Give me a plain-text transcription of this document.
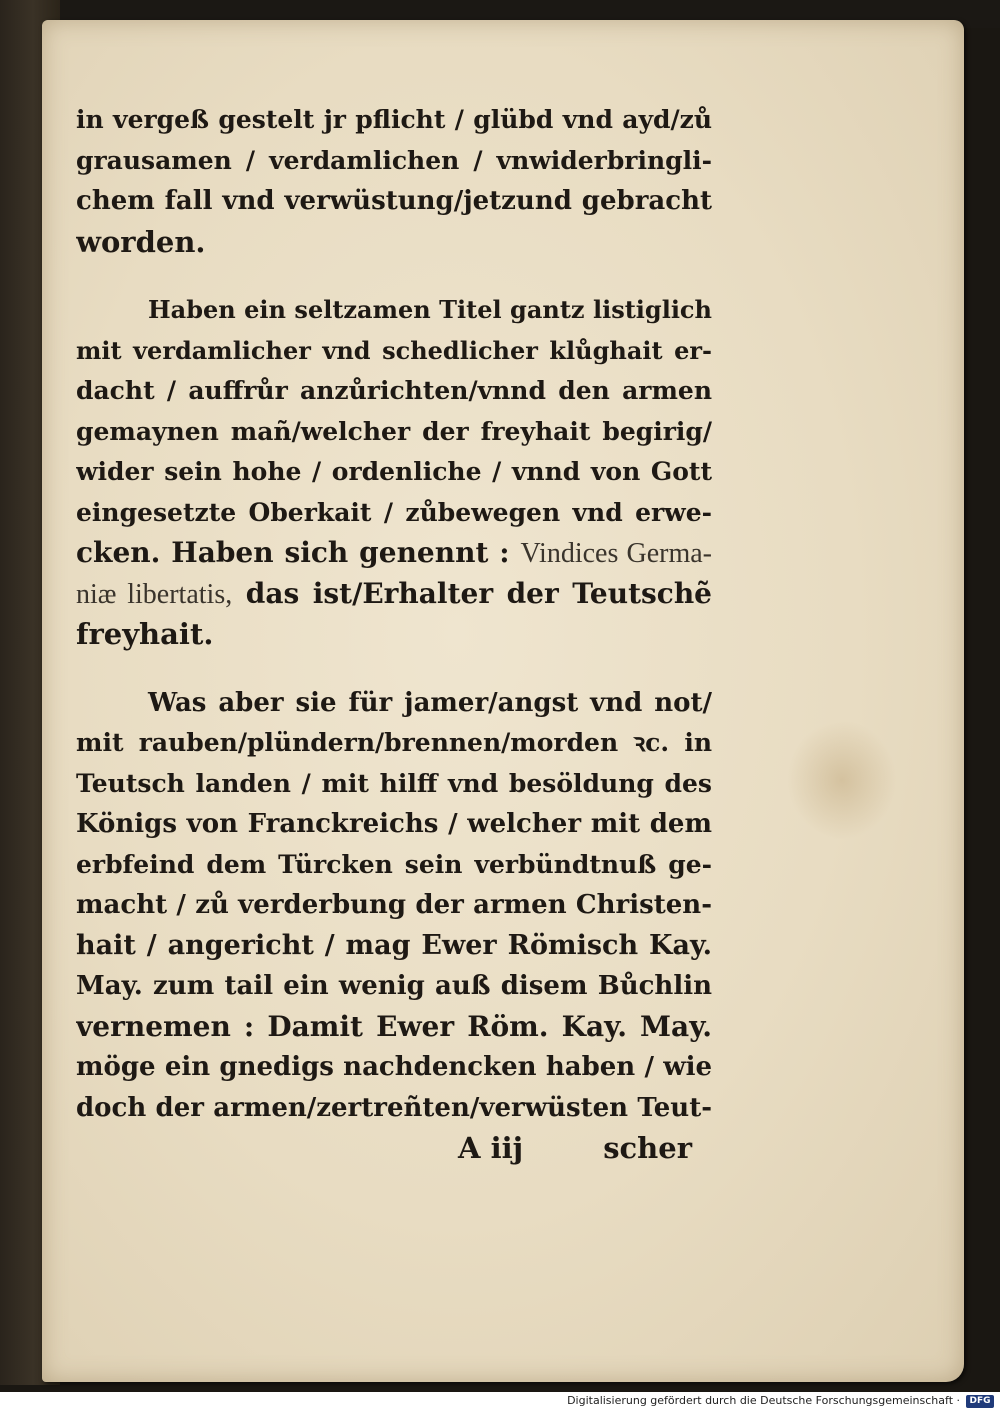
in vergeß gestelt jr pflicht / glübd vnd ayd/zů
grausamen / verdamlichen / vnwiderbringli-
chem fall vnd verwüstung/jetzund gebracht
worden.
Haben ein seltzamen Titel gantz listiglich
mit verdamlicher vnd schedlicher klůghait er-
dacht / auffrůr anzůrichten/vnnd den armen
gemaynen mañ/welcher der freyhait begirig/
wider sein hohe / ordenliche / vnnd von Gott
eingesetzte Oberkait / zůbewegen vnd erwe-
cken. Haben sich genennt : Vindices Germa-
niæ libertatis, das ist/Erhalter der Teutschẽ
freyhait.
Was aber sie für jamer/angst vnd not/
mit rauben/plündern/brennen/morden ꝛc. in
Teutsch landen / mit hilff vnd besöldung des
Königs von Franckreichs / welcher mit dem
erbfeind dem Türcken sein verbündtnuß ge-
macht / zů verderbung der armen Christen-
hait / angericht / mag Ewer Römisch Kay.
May. zum tail ein wenig auß disem Bůchlin
vernemen : Damit Ewer Röm. Kay. May.
möge ein gnedigs nachdencken haben / wie
doch der armen/zertreñten/verwüsten Teut-
A iij	scher
Digitalisierung gefördert durch die Deutsche Forschungsgemeinschaft ·	DFG
